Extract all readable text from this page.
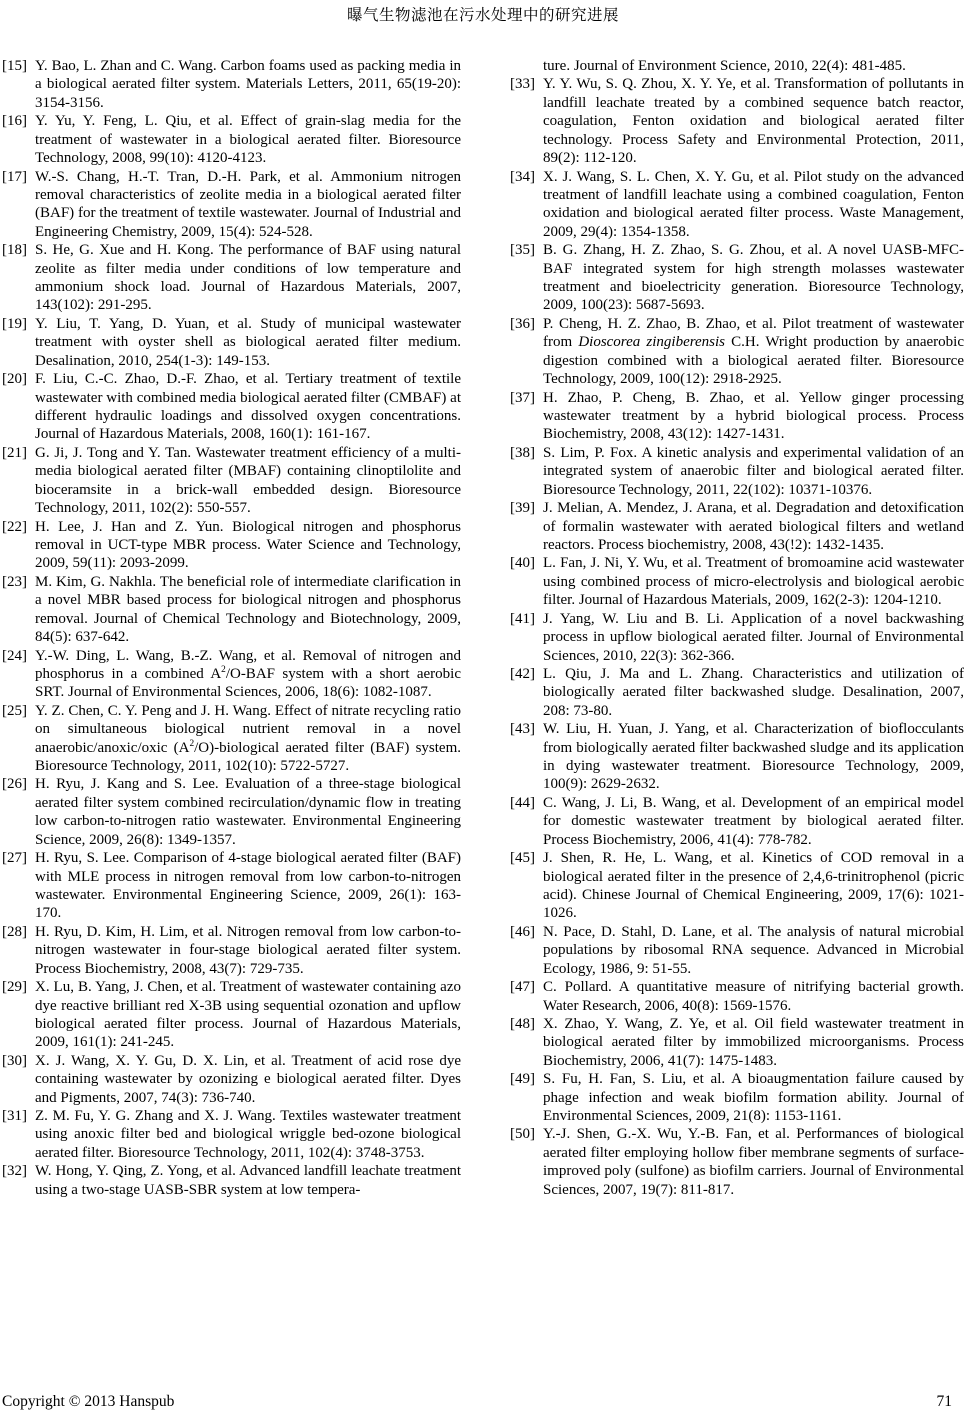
曝气生物滤池在污水处理中的研究进展
[15] Y. Bao, L. Zhan and C. Wang. Carbon foams used as packing media in a biological aerated filter system. Materials Letters, 2011, 65(19-20): 3154-3156.
[16] Y. Yu, Y. Feng, L. Qiu, et al. Effect of grain-slag media for the treatment of wastewater in a biological aerated filter. Bioresource Technology, 2008, 99(10): 4120-4123.
[17] W.-S. Chang, H.-T. Tran, D.-H. Park, et al. Ammonium nitrogen removal characteristics of zeolite media in a biological aerated filter (BAF) for the treatment of textile wastewater. Journal of Industrial and Engineering Chemistry, 2009, 15(4): 524-528.
[18] S. He, G. Xue and H. Kong. The performance of BAF using natural zeolite as filter media under conditions of low temperature and ammonium shock load. Journal of Hazardous Materials, 2007, 143(102): 291-295.
[19] Y. Liu, T. Yang, D. Yuan, et al. Study of municipal wastewater treatment with oyster shell as biological aerated filter medium. Desalination, 2010, 254(1-3): 149-153.
[20] F. Liu, C.-C. Zhao, D.-F. Zhao, et al. Tertiary treatment of textile wastewater with combined media biological aerated filter (CMBAF) at different hydraulic loadings and dissolved oxygen concentrations. Journal of Hazardous Materials, 2008, 160(1): 161-167.
[21] G. Ji, J. Tong and Y. Tan. Wastewater treatment efficiency of a multi-media biological aerated filter (MBAF) containing clinoptilolite and bioceramsite in a brick-wall embedded design. Bioresource Technology, 2011, 102(2): 550-557.
[22] H. Lee, J. Han and Z. Yun. Biological nitrogen and phosphorus removal in UCT-type MBR process. Water Science and Technology, 2009, 59(11): 2093-2099.
[23] M. Kim, G. Nakhla. The beneficial role of intermediate clarification in a novel MBR based process for biological nitrogen and phosphorus removal. Journal of Chemical Technology and Biotechnology, 2009, 84(5): 637-642.
[24] Y.-W. Ding, L. Wang, B.-Z. Wang, et al. Removal of nitrogen and phosphorus in a combined $A^2/O$-BAF system with a short aerobic SRT. Journal of Environmental Sciences, 2006, 18(6): 1082-1087.
[25] Y. Z. Chen, C. Y. Peng and J. H. Wang. Effect of nitrate recycling ratio on simultaneous biological nutrient removal in a novel anaerobic/anoxic/oxic $(A^2/O)$-biological aerated filter (BAF) system. Bioresource Technology, 2011, 102(10): 5722-5727.
[26] H. Ryu, J. Kang and S. Lee. Evaluation of a three-stage biological aerated filter system combined recirculation/dynamic flow in treating low carbon-to-nitrogen ratio wastewater. Environmental Engineering Science, 2009, 26(8): 1349-1357.
[27] H. Ryu, S. Lee. Comparison of 4-stage biological aerated filter (BAF) with MLE process in nitrogen removal from low carbon-to-nitrogen wastewater. Environmental Engineering Science, 2009, 26(1): 163-170.
[28] H. Ryu, D. Kim, H. Lim, et al. Nitrogen removal from low carbon-to-nitrogen wastewater in four-stage biological aerated filter system. Process Biochemistry, 2008, 43(7): 729-735.
[29] X. Lu, B. Yang, J. Chen, et al. Treatment of wastewater containing azo dye reactive brilliant red X-3B using sequential ozonation and upflow biological aerated filter process. Journal of Hazardous Materials, 2009, 161(1): 241-245.
[30] X. J. Wang, X. Y. Gu, D. X. Lin, et al. Treatment of acid rose dye containing wastewater by ozonizing e biological aerated filter. Dyes and Pigments, 2007, 74(3): 736-740.
[31] Z. M. Fu, Y. G. Zhang and X. J. Wang. Textiles wastewater treatment using anoxic filter bed and biological wriggle bed-ozone biological aerated filter. Bioresource Technology, 2011, 102(4): 3748-3753.
[32] W. Hong, Y. Qing, Z. Yong, et al. Advanced landfill leachate treatment using a two-stage UASB-SBR system at low tempera-
ture. Journal of Environment Science, 2010, 22(4): 481-485.
[33] Y. Y. Wu, S. Q. Zhou, X. Y. Ye, et al. Transformation of pollutants in landfill leachate treated by a combined sequence batch reactor, coagulation, Fenton oxidation and biological aerated filter technology. Process Safety and Environmental Protection, 2011, 89(2): 112-120.
[34] X. J. Wang, S. L. Chen, X. Y. Gu, et al. Pilot study on the advanced treatment of landfill leachate using a combined coagulation, Fenton oxidation and biological aerated filter process. Waste Management, 2009, 29(4): 1354-1358.
[35] B. G. Zhang, H. Z. Zhao, S. G. Zhou, et al. A novel UASB-MFC-BAF integrated system for high strength molasses wastewater treatment and bioelectricity generation. Bioresource Technology, 2009, 100(23): 5687-5693.
[36] P. Cheng, H. Z. Zhao, B. Zhao, et al. Pilot treatment of wastewater from Dioscorea zingiberensis C.H. Wright production by anaerobic digestion combined with a biological aerated filter. Bioresource Technology, 2009, 100(12): 2918-2925.
[37] H. Zhao, P. Cheng, B. Zhao, et al. Yellow ginger processing wastewater treatment by a hybrid biological process. Process Biochemistry, 2008, 43(12): 1427-1431.
[38] S. Lim, P. Fox. A kinetic analysis and experimental validation of an integrated system of anaerobic filter and biological aerated filter. Bioresource Technology, 2011, 22(102): 10371-10376.
[39] J. Melian, A. Mendez, J. Arana, et al. Degradation and detoxification of formalin wastewater with aerated biological filters and wetland reactors. Process biochemistry, 2008, 43(!2): 1432-1435.
[40] L. Fan, J. Ni, Y. Wu, et al. Treatment of bromoamine acid wastewater using combined process of micro-electrolysis and biological aerobic filter. Journal of Hazardous Materials, 2009, 162(2-3): 1204-1210.
[41] J. Yang, W. Liu and B. Li. Application of a novel backwashing process in upflow biological aerated filter. Journal of Environmental Sciences, 2010, 22(3): 362-366.
[42] L. Qiu, J. Ma and L. Zhang. Characteristics and utilization of biologically aerated filter backwashed sludge. Desalination, 2007, 208: 73-80.
[43] W. Liu, H. Yuan, J. Yang, et al. Characterization of bioflocculants from biologically aerated filter backwashed sludge and its application in dying wastewater treatment. Bioresource Technology, 2009, 100(9): 2629-2632.
[44] C. Wang, J. Li, B. Wang, et al. Development of an empirical model for domestic wastewater treatment by biological aerated filter. Process Biochemistry, 2006, 41(4): 778-782.
[45] J. Shen, R. He, L. Wang, et al. Kinetics of COD removal in a biological aerated filter in the presence of 2,4,6-trinitrophenol (picric acid). Chinese Journal of Chemical Engineering, 2009, 17(6): 1021-1026.
[46] N. Pace, D. Stahl, D. Lane, et al. The analysis of natural microbial populations by ribosomal RNA sequence. Advanced in Microbial Ecology, 1986, 9: 51-55.
[47] C. Pollard. A quantitative measure of nitrifying bacterial growth. Water Research, 2006, 40(8): 1569-1576.
[48] X. Zhao, Y. Wang, Z. Ye, et al. Oil field wastewater treatment in biological aerated filter by immobilized microorganisms. Process Biochemistry, 2006, 41(7): 1475-1483.
[49] S. Fu, H. Fan, S. Liu, et al. A bioaugmentation failure caused by phage infection and weak biofilm formation ability. Journal of Environmental Sciences, 2009, 21(8): 1153-1161.
[50] Y.-J. Shen, G.-X. Wu, Y.-B. Fan, et al. Performances of biological aerated filter employing hollow fiber membrane segments of surface-improved poly (sulfone) as biofilm carriers. Journal of Environmental Sciences, 2007, 19(7): 811-817.
Copyright © 2013 Hanspub	71
